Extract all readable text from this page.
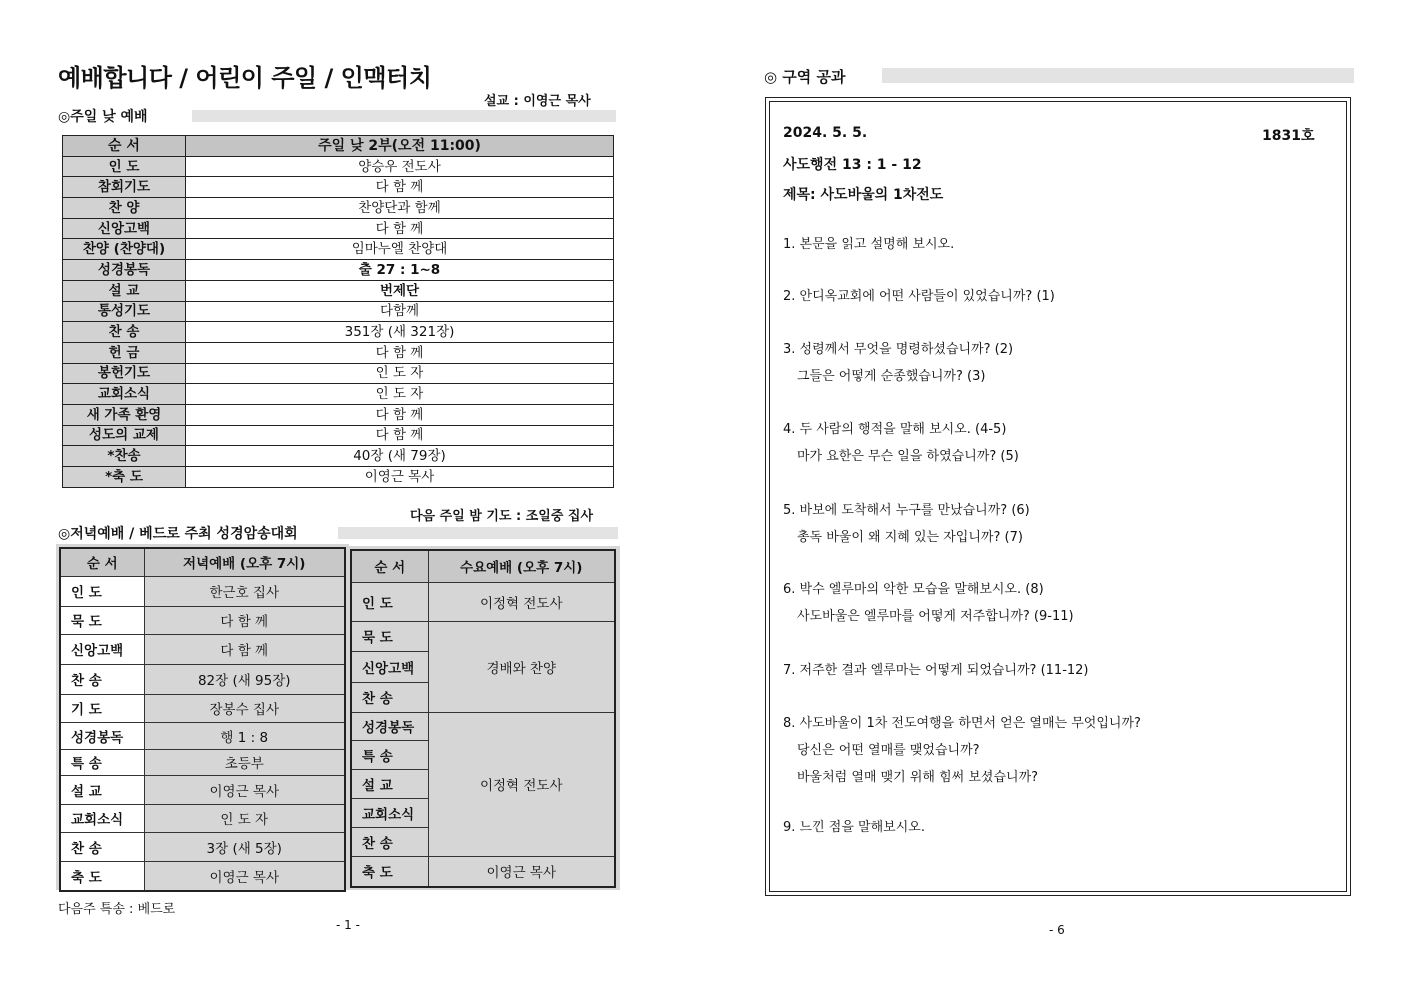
예배합니다 / 어린이 주일 / 인맥터치
설교 : 이영근 목사
◎주일 낮 예배
순 서	주일 낮 2부(오전 11:00)
인 도	양승우 전도사
참회기도	다 함 께
찬 양	찬양단과 함께
신앙고백	다 함 께
찬양 (찬양대)	임마누엘 찬양대
성경봉독	출 27 : 1~8
설 교	번제단
통성기도	다함께
찬 송	351장 (새 321장)
헌 금	다 함 께
봉헌기도	인 도 자
교회소식	인 도 자
새 가족 환영	다 함 께
성도의 교제	다 함 께
*찬송	40장 (새 79장)
*축 도	이영근 목사
다음 주일 밤 기도 : 조일중 집사
◎저녁예배 / 베드로 주최 성경암송대회
순 서	저녁예배 (오후 7시)
인 도	한근호 집사
묵 도	다 함 께
신앙고백	다 함 께
찬 송	82장 (새 95장)
기 도	장봉수 집사
성경봉독	행 1 : 8
특 송	초등부
설 교	이영근 목사
교회소식	인 도 자
찬 송	3장 (새 5장)
축 도	이영근 목사
순 서	수요예배 (오후 7시)
인 도	이정혁 전도사
묵 도	경배와 찬양
신앙고백	
찬 송	
성경봉독	이정혁 전도사
특 송	
설 교	
교회소식	
찬 송	
축 도	이영근 목사
다음주 특송 : 베드로
- 1 -
◎ 구역 공과
2024. 5. 5.	1831호
사도행전 13 : 1 - 12
제목: 사도바울의 1차전도
1. 본문을 읽고 설명해 보시오.
2. 안디옥교회에 어떤 사람들이 있었습니까? (1)
3. 성령께서 무엇을 명령하셨습니까? (2)
그들은 어떻게 순종했습니까? (3)
4. 두 사람의 행적을 말해 보시오. (4-5)
마가 요한은 무슨 일을 하였습니까? (5)
5. 바보에 도착해서 누구를 만났습니까? (6)
총독 바울이 왜 지혜 있는 자입니까? (7)
6. 박수 엘루마의 악한 모습을 말해보시오. (8)
사도바울은 엘루마를 어떻게 저주합니까? (9-11)
7. 저주한 결과 엘루마는 어떻게 되었습니까? (11-12)
8. 사도바울이 1차 전도여행을 하면서 얻은 열매는 무엇입니까?
당신은 어떤 열매를 맺었습니까?
바울처럼 열매 맺기 위해 힘써 보셨습니까?
9. 느낀 점을 말해보시오.
- 6
